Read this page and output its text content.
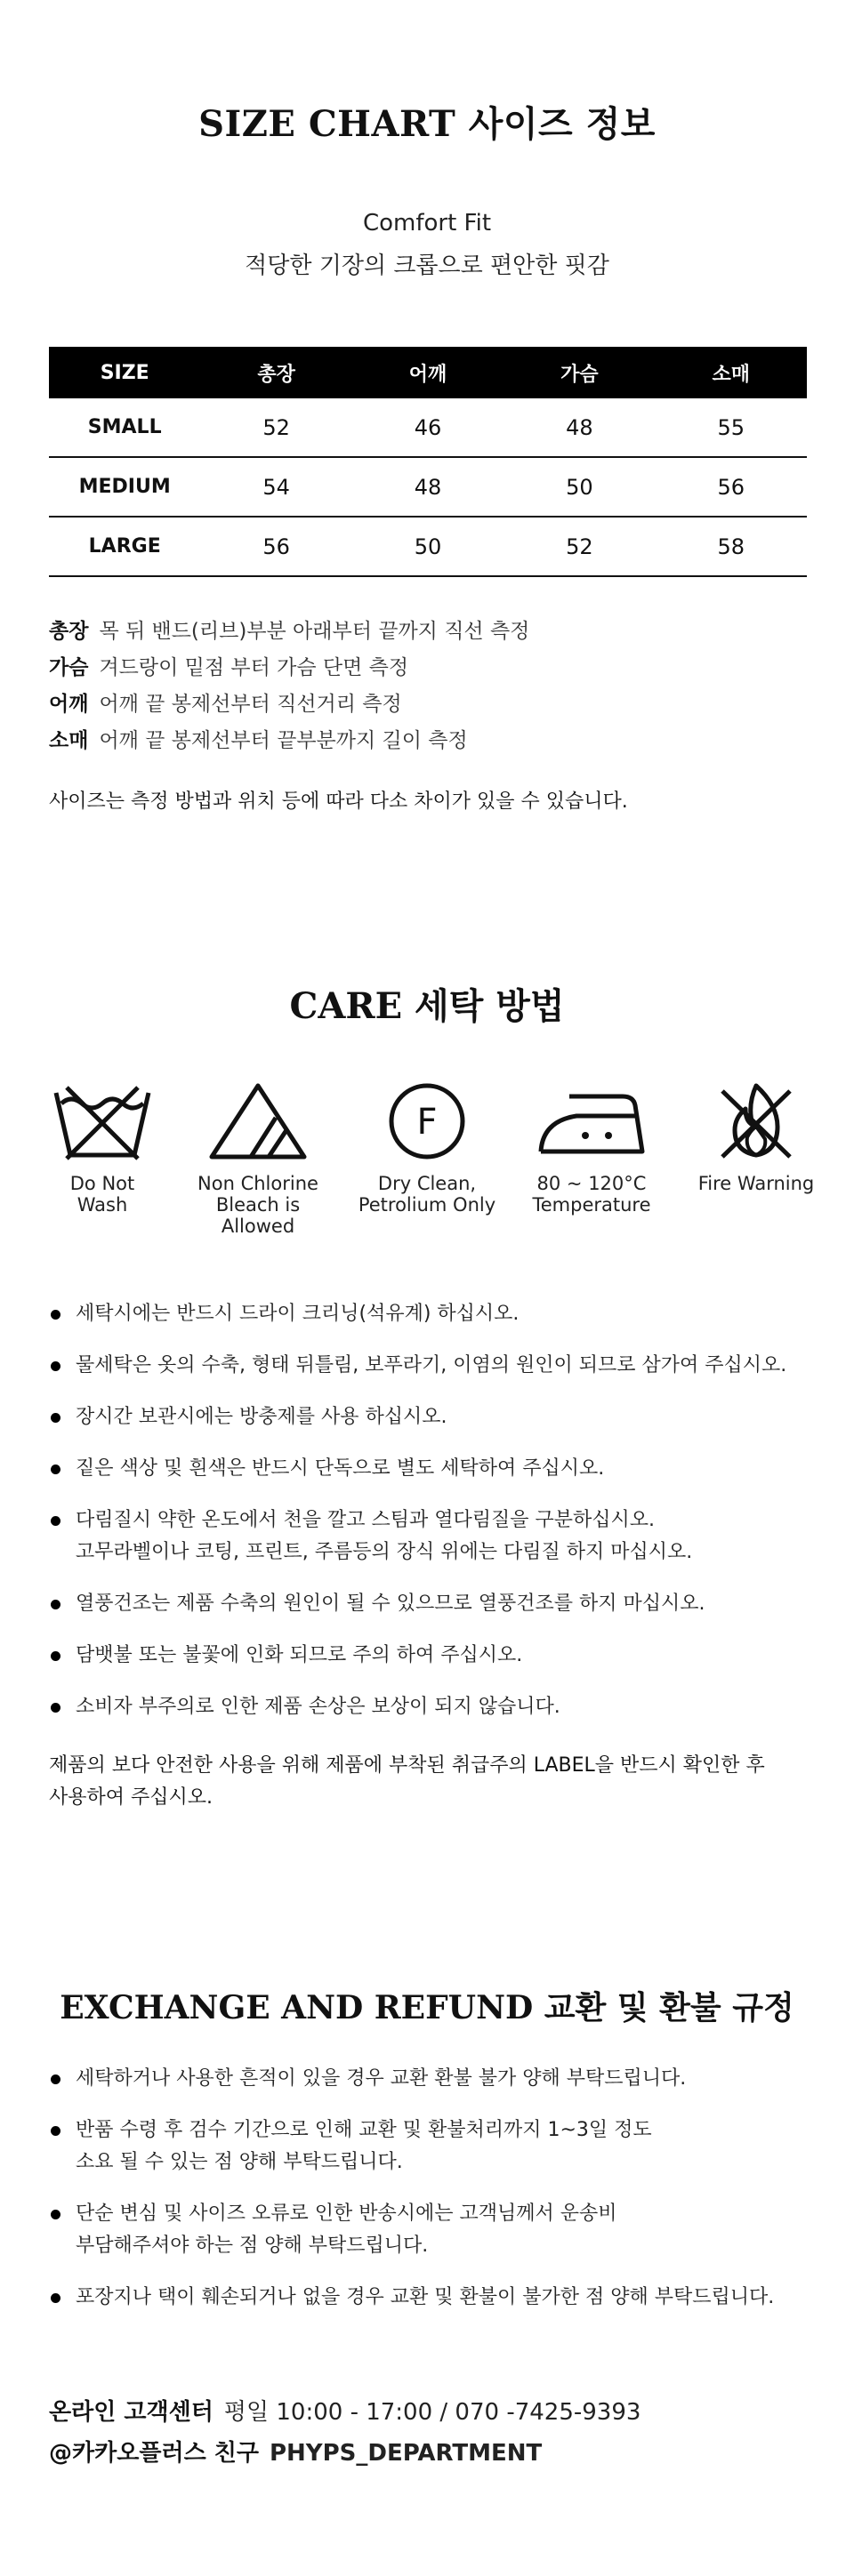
SIZE CHART 사이즈 정보
Comfort Fit
적당한 기장의 크롭으로 편안한 핏감
SIZE	총장	어깨	가슴	소매
SMALL	52	46	48	55
MEDIUM	54	48	50	56
LARGE	56	50	52	58
총장 목 뒤 밴드(리브)부분 아래부터 끝까지 직선 측정
가슴 겨드랑이 밑점 부터 가슴 단면 측정
어깨 어깨 끝 봉제선부터 직선거리 측정
소매 어깨 끝 봉제선부터 끝부분까지 길이 측정
사이즈는 측정 방법과 위치 등에 따라 다소 차이가 있을 수 있습니다.
CARE 세탁 방법
Do Not
Wash
Non Chlorine
Bleach is
Allowed
F
Dry Clean,
Petrolium Only
80 ~ 120°C
Temperature
Fire Warning
세탁시에는 반드시 드라이 크리닝(석유계) 하십시오.
물세탁은 옷의 수축, 형태 뒤틀림, 보푸라기, 이염의 원인이 되므로 삼가여 주십시오.
장시간 보관시에는 방충제를 사용 하십시오.
짙은 색상 및 흰색은 반드시 단독으로 별도 세탁하여 주십시오.
다림질시 약한 온도에서 천을 깔고 스팀과 열다림질을 구분하십시오.
고무라벨이나 코팅, 프린트, 주름등의 장식 위에는 다림질 하지 마십시오.
열풍건조는 제품 수축의 원인이 될 수 있으므로 열풍건조를 하지 마십시오.
담뱃불 또는 불꽃에 인화 되므로 주의 하여 주십시오.
소비자 부주의로 인한 제품 손상은 보상이 되지 않습니다.
제품의 보다 안전한 사용을 위해 제품에 부착된 취급주의 LABEL을 반드시 확인한 후
사용하여 주십시오.
EXCHANGE AND REFUND 교환 및 환불 규정
세탁하거나 사용한 흔적이 있을 경우 교환 환불 불가 양해 부탁드립니다.
반품 수령 후 검수 기간으로 인해 교환 및 환불처리까지 1~3일 정도
소요 될 수 있는 점 양해 부탁드립니다.
단순 변심 및 사이즈 오류로 인한 반송시에는 고객님께서 운송비
부담해주셔야 하는 점 양해 부탁드립니다.
포장지나 택이 훼손되거나 없을 경우 교환 및 환불이 불가한 점 양해 부탁드립니다.
온라인 고객센터 평일 10:00 - 17:00 / 070 -7425-9393
@카카오플러스 친구 PHYPS_DEPARTMENT
